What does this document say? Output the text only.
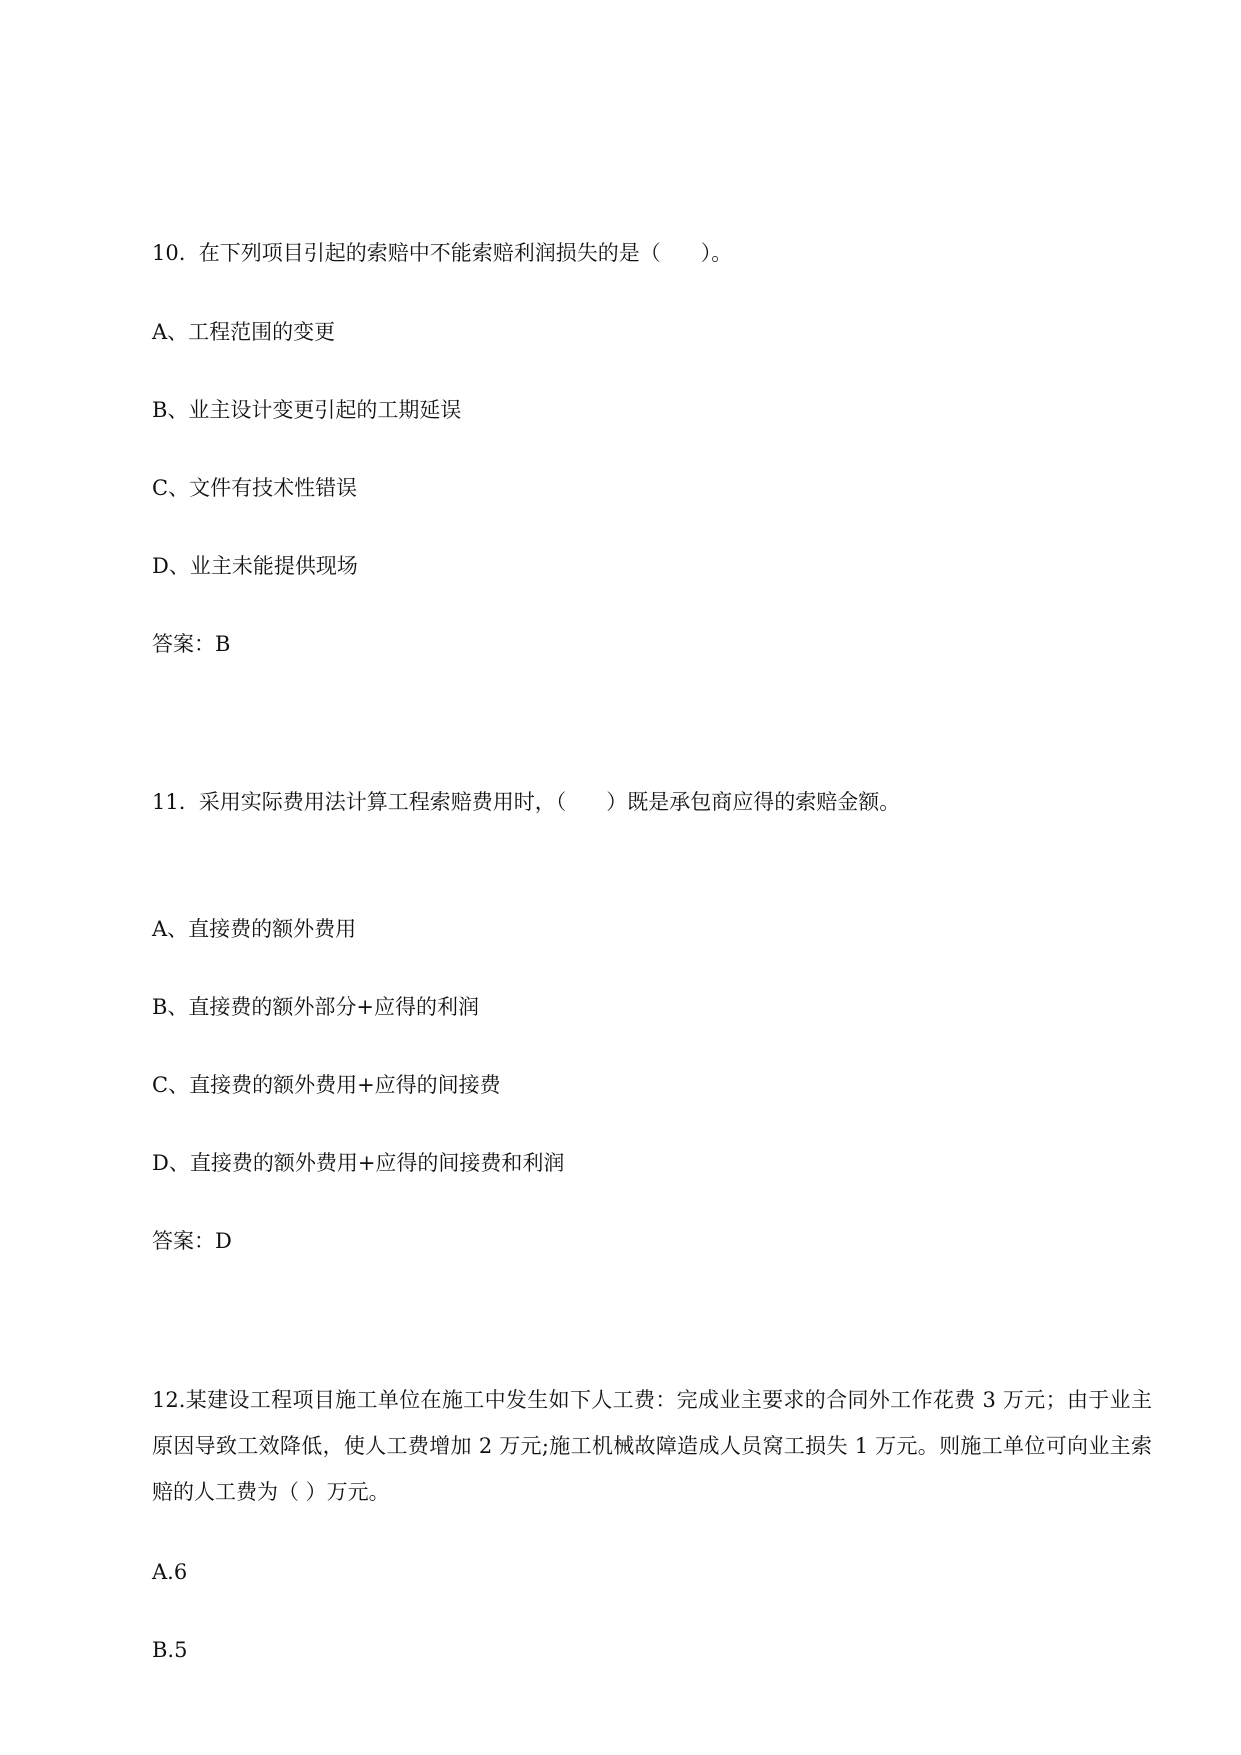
10.  在下列项目引起的索赔中不能索赔利润损失的是（      ）。
A、工程范围的变更
B、业主设计变更引起的工期延误
C、文件有技术性错误
D、业主未能提供现场
答案：B
11.  采用实际费用法计算工程索赔费用时，（      ）既是承包商应得的索赔金额。
A、直接费的额外费用
B、直接费的额外部分+应得的利润
C、直接费的额外费用+应得的间接费
D、直接费的额外费用+应得的间接费和利润
答案：D
12.某建设工程项目施工单位在施工中发生如下人工费：完成业主要求的合同外工作花费 3 万元；由于业主原因导致工效降低，使人工费增加 2 万元;施工机械故障造成人员窝工损失 1 万元。则施工单位可向业主索赔的人工费为（ ）万元。
A.6
B.5
